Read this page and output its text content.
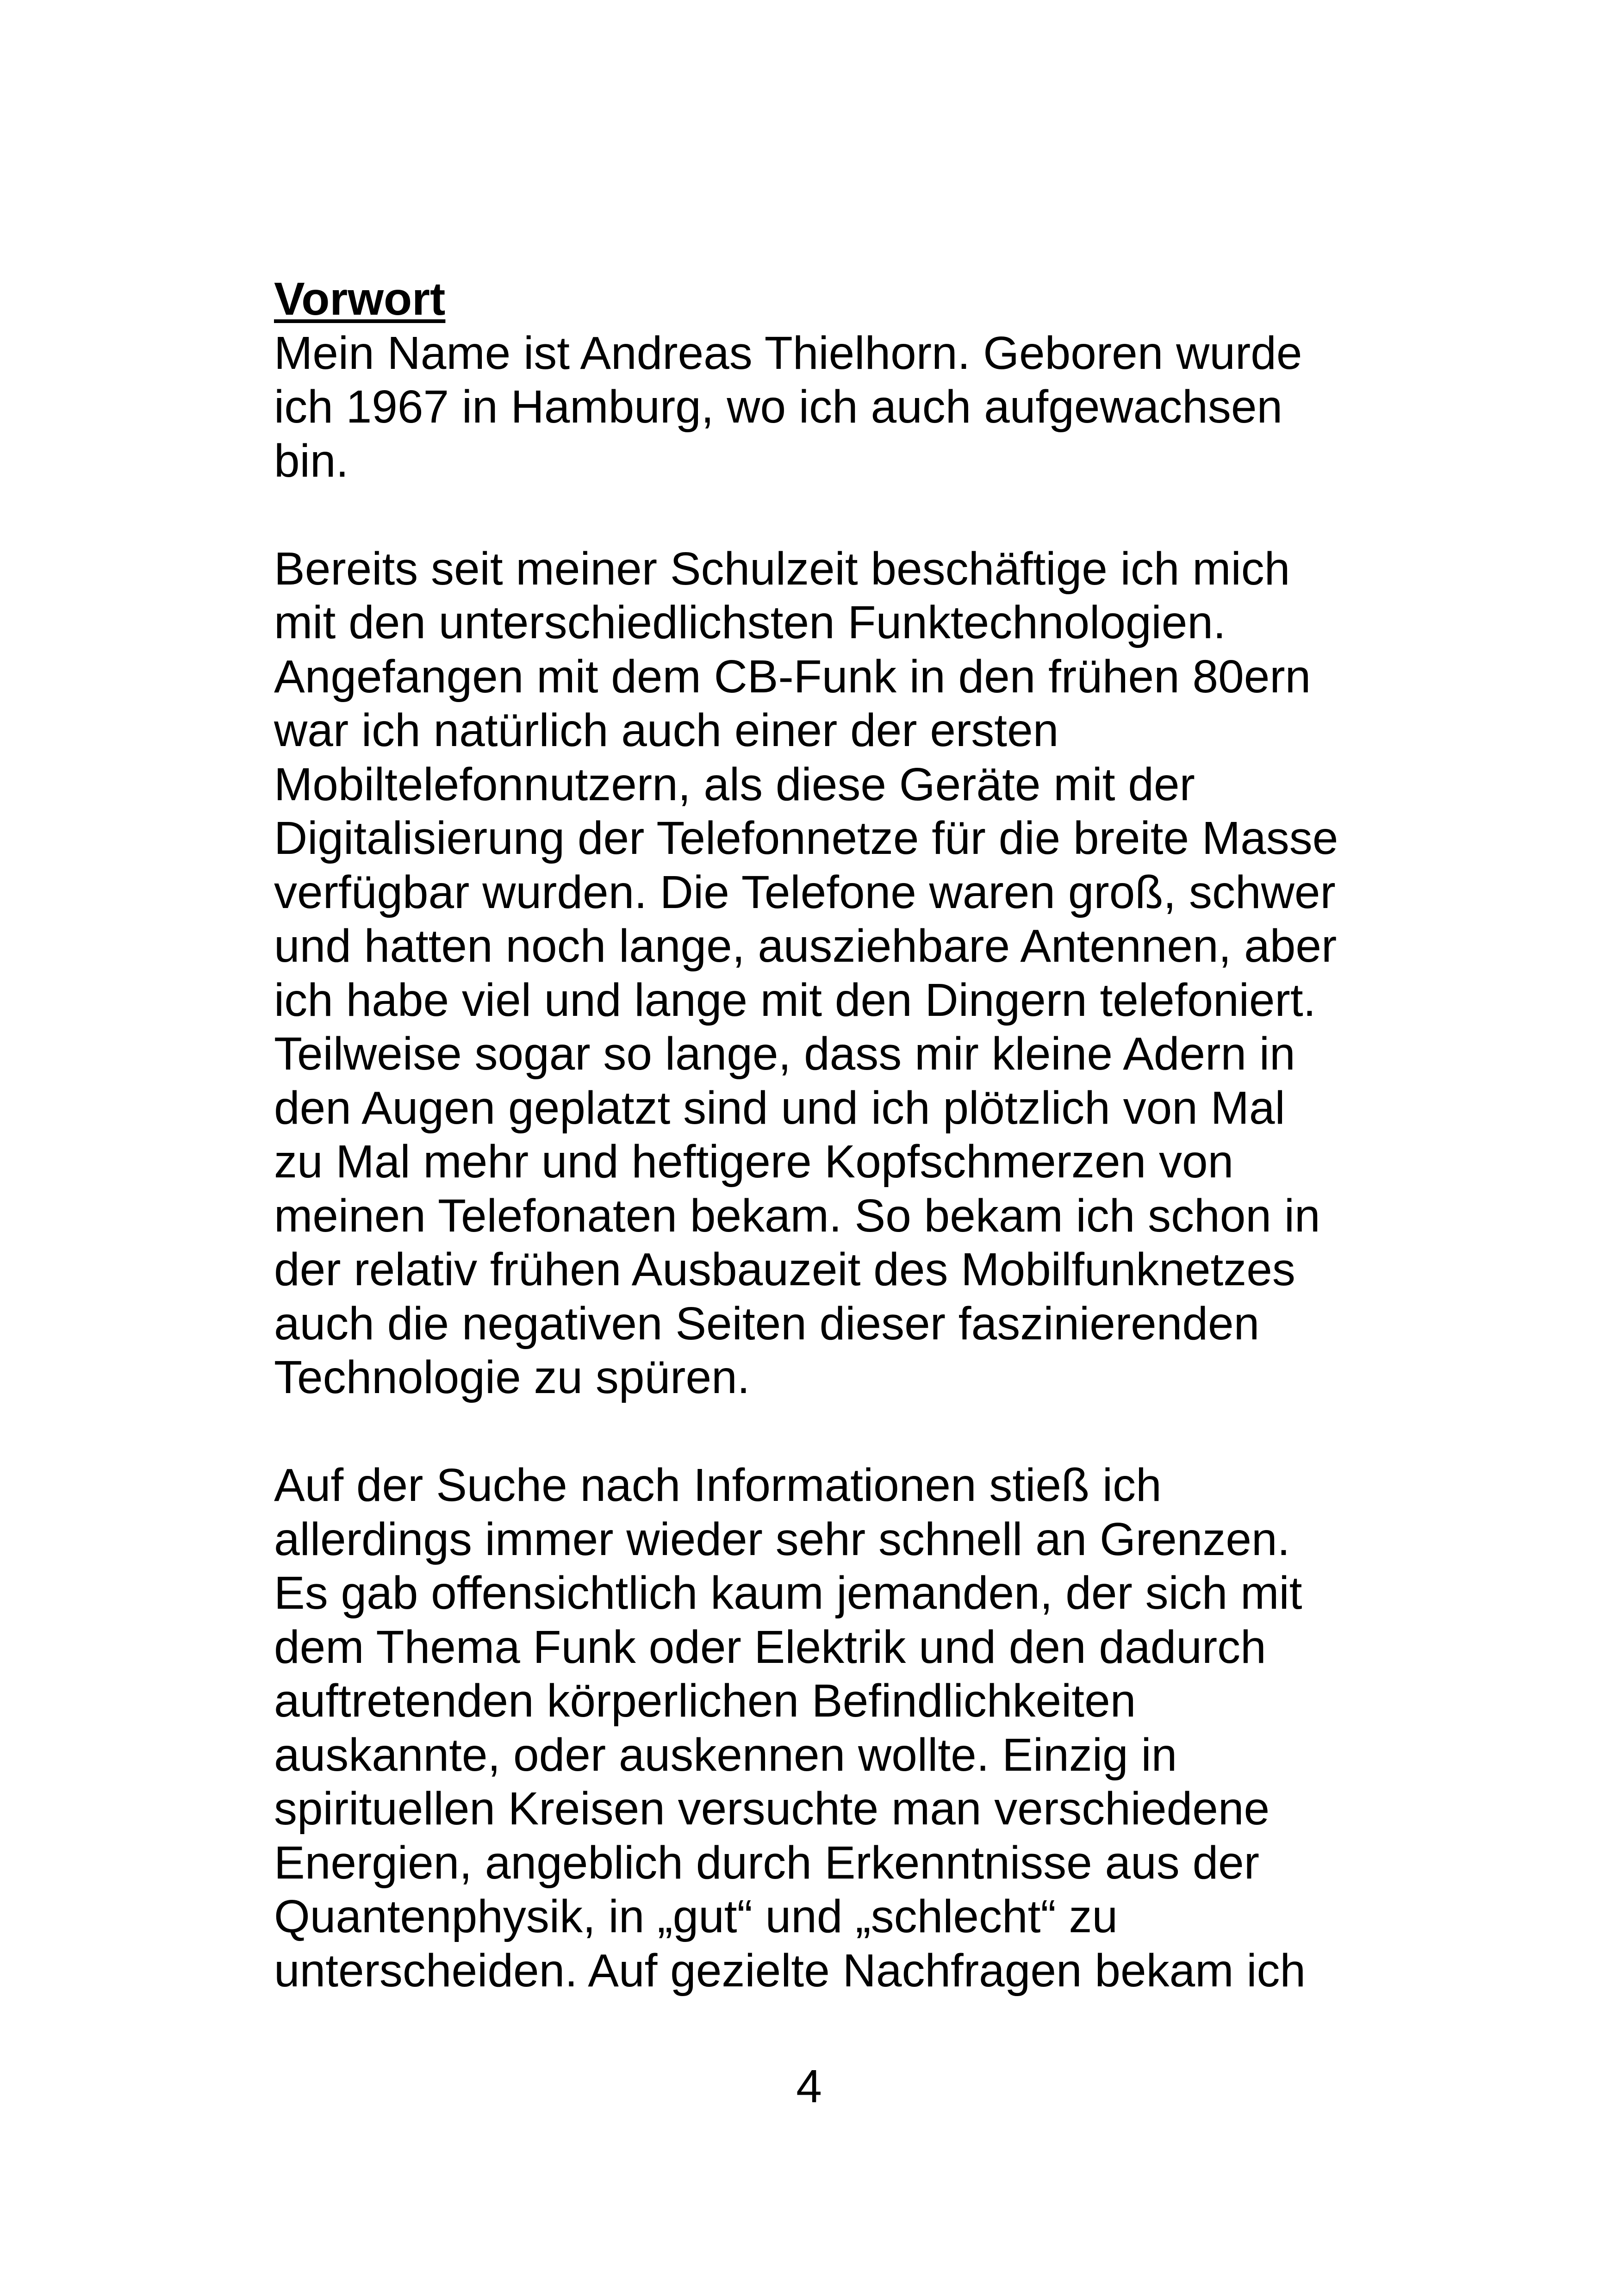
Vorwort
Mein Name ist Andreas Thielhorn. Geboren wurde
ich 1967 in Hamburg, wo ich auch aufgewachsen
bin.
Bereits seit meiner Schulzeit beschäftige ich mich
mit den unterschiedlichsten Funktechnologien.
Angefangen mit dem CB-Funk in den frühen 80ern
war ich natürlich auch einer der ersten
Mobiltelefonnutzern, als diese Geräte mit der
Digitalisierung der Telefonnetze für die breite Masse
verfügbar wurden. Die Telefone waren groß, schwer
und hatten noch lange, ausziehbare Antennen, aber
ich habe viel und lange mit den Dingern telefoniert.
Teilweise sogar so lange, dass mir kleine Adern in
den Augen geplatzt sind und ich plötzlich von Mal
zu Mal mehr und heftigere Kopfschmerzen von
meinen Telefonaten bekam. So bekam ich schon in
der relativ frühen Ausbauzeit des Mobilfunknetzes
auch die negativen Seiten dieser faszinierenden
Technologie zu spüren.
Auf der Suche nach Informationen stieß ich
allerdings immer wieder sehr schnell an Grenzen.
Es gab offensichtlich kaum jemanden, der sich mit
dem Thema Funk oder Elektrik und den dadurch
auftretenden körperlichen Befindlichkeiten
auskannte, oder auskennen wollte. Einzig in
spirituellen Kreisen versuchte man verschiedene
Energien, angeblich durch Erkenntnisse aus der
Quantenphysik, in „gut“ und „schlecht“ zu
unterscheiden. Auf gezielte Nachfragen bekam ich
4
